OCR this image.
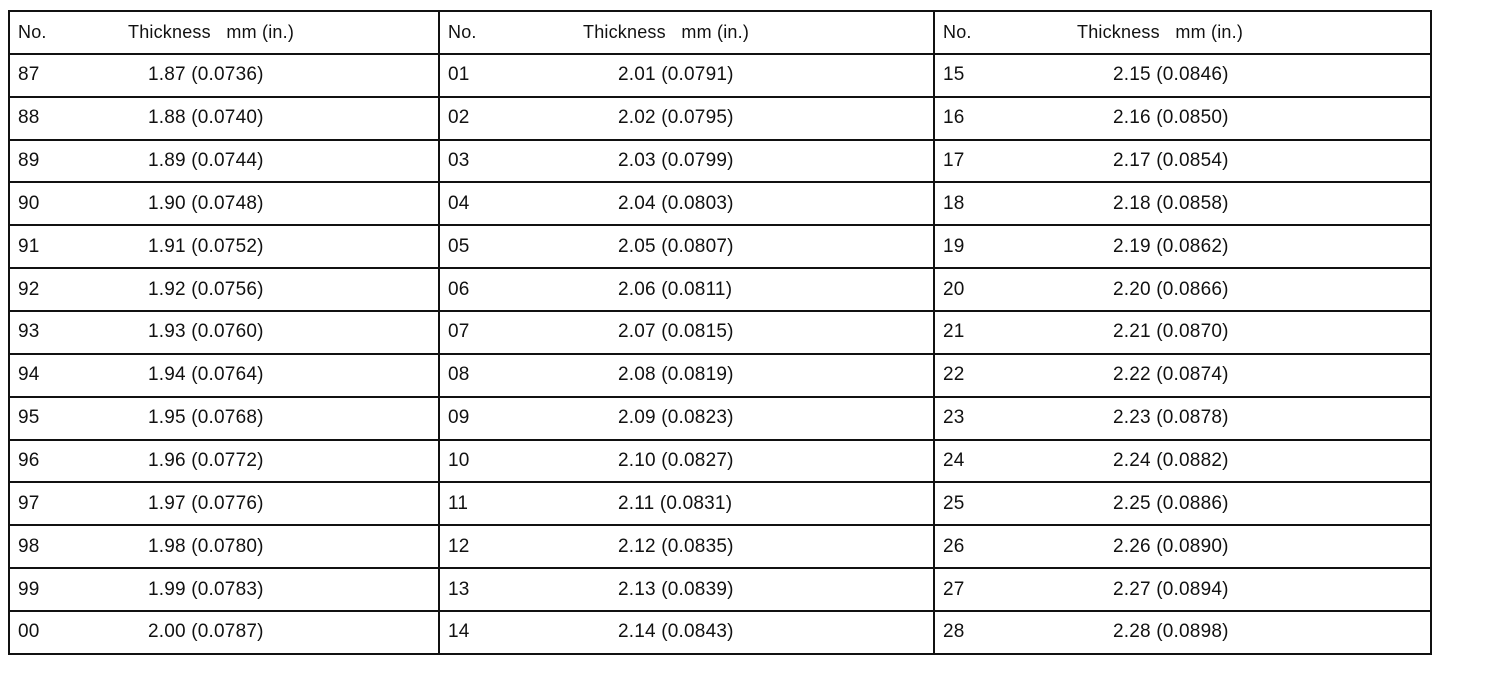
No.	Thickness   mm (in.)
87	1.87 (0.0736)
88	1.88 (0.0740)
89	1.89 (0.0744)
90	1.90 (0.0748)
91	1.91 (0.0752)
92	1.92 (0.0756)
93	1.93 (0.0760)
94	1.94 (0.0764)
95	1.95 (0.0768)
96	1.96 (0.0772)
97	1.97 (0.0776)
98	1.98 (0.0780)
99	1.99 (0.0783)
00	2.00 (0.0787)
No.	Thickness   mm (in.)
01	2.01 (0.0791)
02	2.02 (0.0795)
03	2.03 (0.0799)
04	2.04 (0.0803)
05	2.05 (0.0807)
06	2.06 (0.0811)
07	2.07 (0.0815)
08	2.08 (0.0819)
09	2.09 (0.0823)
10	2.10 (0.0827)
11	2.11 (0.0831)
12	2.12 (0.0835)
13	2.13 (0.0839)
14	2.14 (0.0843)
No.	Thickness   mm (in.)
15	2.15 (0.0846)
16	2.16 (0.0850)
17	2.17 (0.0854)
18	2.18 (0.0858)
19	2.19 (0.0862)
20	2.20 (0.0866)
21	2.21 (0.0870)
22	2.22 (0.0874)
23	2.23 (0.0878)
24	2.24 (0.0882)
25	2.25 (0.0886)
26	2.26 (0.0890)
27	2.27 (0.0894)
28	2.28 (0.0898)
